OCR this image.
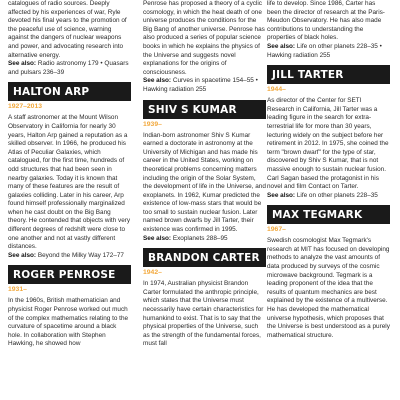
catalogues of radio sources. Deeply affected by his experiences of war, Ryle devoted his final years to the promotion of the peaceful use of science, warning against the dangers of nuclear weapons and power, and advocating research into alternative energy.

See also: Radio astronomy 179 • Quasars and pulsars 236–39

HALTON ARP
1927–2013

A staff astronomer at the Mount Wilson Observatory in California for nearly 30 years, Halton Arp gained a reputation as a skilled observer. In 1966, he produced his Atlas of Peculiar Galaxies, which catalogued, for the first time, hundreds of odd structures that had been seen in nearby galaxies. Today it is known that many of these features are the result of galaxies colliding. Later in his career, Arp found himself professionally marginalized when he cast doubt on the Big Bang theory. He contended that objects with very different degrees of redshift were close to one another and not at vastly different distances.

See also: Beyond the Milky Way 172–77

ROGER PENROSE
1931–

In the 1960s, British mathematician and physicist Roger Penrose worked out much of the complex mathematics relating to the curvature of spacetime around a black hole. In collaboration with Stephen Hawking, he showed how

Penrose has proposed a theory of a cyclic cosmology, in which the heat death of one universe produces the conditions for the Big Bang of another universe. Penrose has also produced a series of popular science books in which he explains the physics of the Universe and suggests novel explanations for the origins of consciousness.

See also: Curves in spacetime 154–55 • Hawking radiation 255

SHIV S KUMAR
1939–

Indian-born astronomer Shiv S Kumar earned a doctorate in astronomy at the University of Michigan and has made his career in the United States, working on theoretical problems concerning matters including the origin of the Solar System, the development of life in the Universe, and exoplanets. In 1962, Kumar predicted the existence of low-mass stars that would be too small to sustain nuclear fusion. Later named brown dwarfs by Jill Tarter, their existence was confirmed in 1995.

See also: Exoplanets 288–95

BRANDON CARTER
1942–

In 1974, Australian physicist Brandon Carter formulated the anthropic principle, which states that the Universe must necessarily have certain characteristics for humankind to exist. That is to say that the physical properties of the Universe, such as the strength of the fundamental forces, must fall

life to develop. Since 1986, Carter has been the director of research at the Paris-Meudon Observatory. He has also made contributions to understanding the properties of black holes.

See also: Life on other planets 228–35 • Hawking radiation 255

JILL TARTER
1944–

As director of the Center for SETI Research in California, Jill Tarter was a leading figure in the search for extra-terrestrial life for more than 30 years, lecturing widely on the subject before her retirement in 2012. In 1975, she coined the term "brown dwarf" for the type of star, discovered by Shiv S Kumar, that is not massive enough to sustain nuclear fusion. Carl Sagan based the protagonist in his novel and film Contact on Tarter.

See also: Life on other planets 228–35

MAX TEGMARK
1967–

Swedish cosmologist Max Tegmark's research at MIT has focused on developing methods to analyze the vast amounts of data produced by surveys of the cosmic microwave background. Tegmark is a leading proponent of the idea that the results of quantum mechanics are best explained by the existence of a multiverse. He has developed the mathematical universe hypothesis, which proposes that the Universe is best understood as a purely mathematical structure.
